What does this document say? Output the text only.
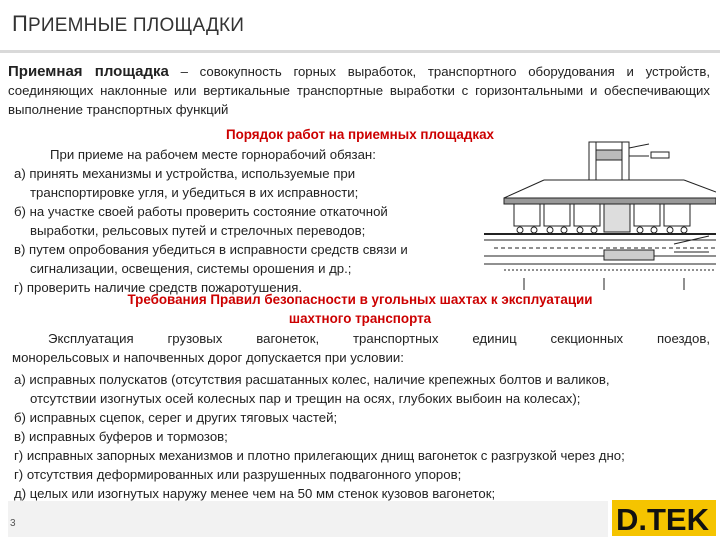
ПРИЕМНЫЕ ПЛОЩАДКИ
Приемная площадка – совокупность горных выработок, транспортного оборудования и устройств, соединяющих наклонные или вертикальные транспортные выработки с горизонтальными и обеспечивающих выполнение транспортных функций
Порядок работ на приемных площадках
При приеме на рабочем месте горнорабочий обязан:
а) принять механизмы и устройства, используемые при
транспортировке угля, и убедиться в их исправности;
б) на участке своей работы проверить состояние откаточной
выработки, рельсовых путей и стрелочных переводов;
в) путем опробования убедиться в исправности средств связи и
сигнализации, освещения, системы орошения и др.;
г) проверить наличие средств пожаротушения.
Требования Правил безопасности в угольных шахтах к эксплуатации
шахтного транспорта
Эксплуатация грузовых вагонеток, транспортных единиц секционных поездов,
монорельсовых и напочвенных дорог допускается при условии:
а) исправных полускатов (отсутствия расшатанных колес, наличие крепежных болтов и валиков,
отсутствии изогнутых осей колесных пар и трещин на осях, глубоких выбоин на колесах);
б) исправных сцепок, серег и других тяговых частей;
в) исправных буферов и тормозов;
г) исправных запорных механизмов и плотно прилегающих днищ вагонеток с разгрузкой через дно;
г) отсутствия деформированных или разрушенных подвагонного упоров;
д) целых или изогнутых наружу менее чем на 50 мм стенок кузовов вагонеток;
3	D.TEK
